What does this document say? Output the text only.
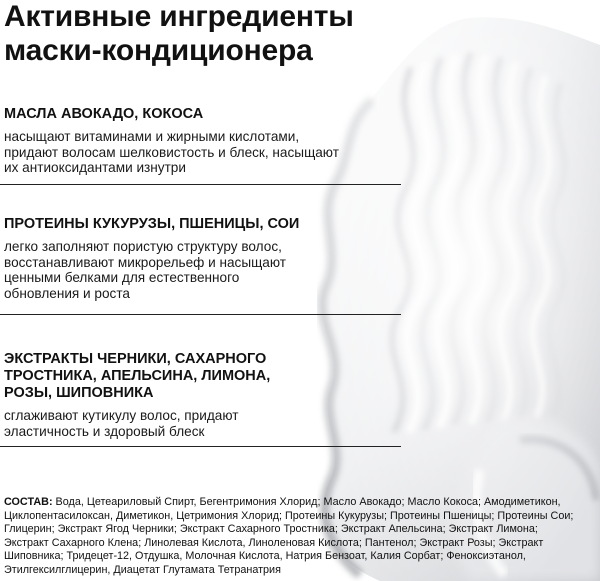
Активные ингредиенты
маски-кондиционера
МАСЛА АВОКАДО, КОКОСА

насыщают витаминами и жирными кислотами,
придают волосам шелковистость и блеск, насыщают
их антиоксидантами изнутри

ПРОТЕИНЫ КУКУРУЗЫ, ПШЕНИЦЫ, СОИ

легко заполняют пористую структуру волос,
восстанавливают микрорельеф и насыщают
ценными белками для естественного
обновления и роста

ЭКСТРАКТЫ ЧЕРНИКИ, САХАРНОГО
ТРОСТНИКА, АПЕЛЬСИНА, ЛИМОНА,
РОЗЫ, ШИПОВНИКА

сглаживают кутикулу волос, придают
эластичность и здоровый блеск

СОСТАВ: Вода, Цетеариловый Спирт, Бегентримония Хлорид; Масло Авокадо; Масло Кокоса; Амодиметикон,
Циклопентасилоксан, Диметикон, Цетримония Хлорид; Протеины Кукурузы; Протеины Пшеницы; Протеины Сои;
Глицерин; Экстракт Ягод Черники; Экстракт Сахарного Тростника; Экстракт Апельсина; Экстракт Лимона;
Экстракт Сахарного Клена; Линолевая Кислота, Линоленовая Кислота; Пантенол; Экстракт Розы; Экстракт
Шиповника; Тридецет-12, Отдушка, Молочная Кислота, Натрия Бензоат, Калия Сорбат; Феноксиэтанол,
Этилгексилглицерин, Диацетат Глутамата Тетранатрия
